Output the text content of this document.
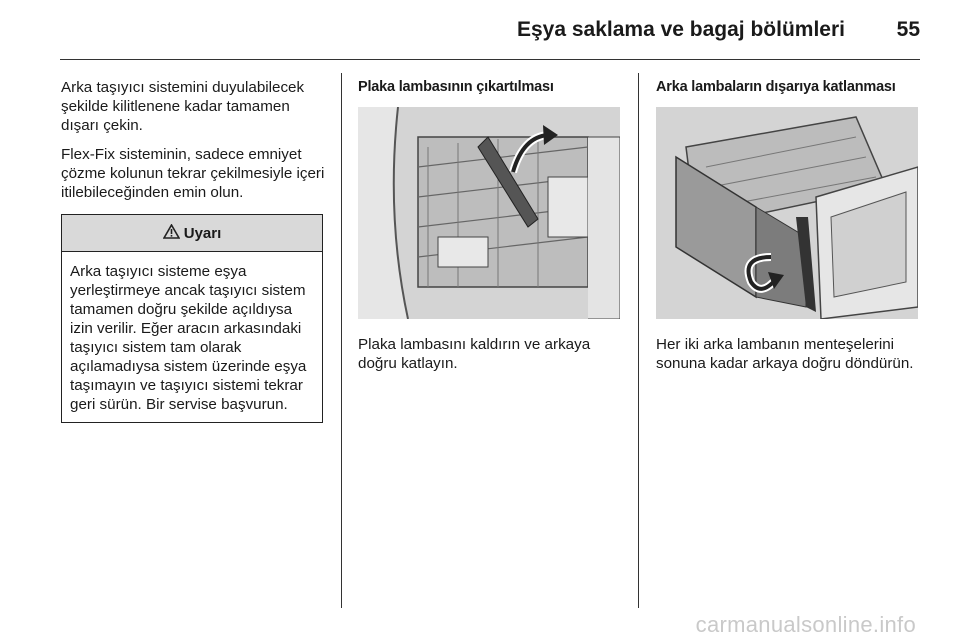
Eşya saklama ve bagaj bölümleri 55

Arka taşıyıcı sistemini duyulabilecek şekilde kilitlenene kadar tamamen dışarı çekin.

Flex-Fix sisteminin, sadece emniyet çözme kolunun tekrar çekilmesiyle içeri itilebileceğinden emin olun.

Uyarı
Arka taşıyıcı sisteme eşya yerleştirmeye ancak taşıyıcı sistem tamamen doğru şekilde açıldıysa izin verilir. Eğer aracın arkasındaki taşıyıcı sistem tam olarak açılamadıysa sistem üzerinde eşya taşımayın ve taşıyıcı sistemi tekrar geri sürün. Bir servise başvurun.
Plaka lambasının çıkartılması

Plaka lambasını kaldırın ve arkaya doğru katlayın.

Arka lambaların dışarıya katlanması

Her iki arka lambanın menteşelerini sonuna kadar arkaya doğru döndürün.

carmanualsonline.info
